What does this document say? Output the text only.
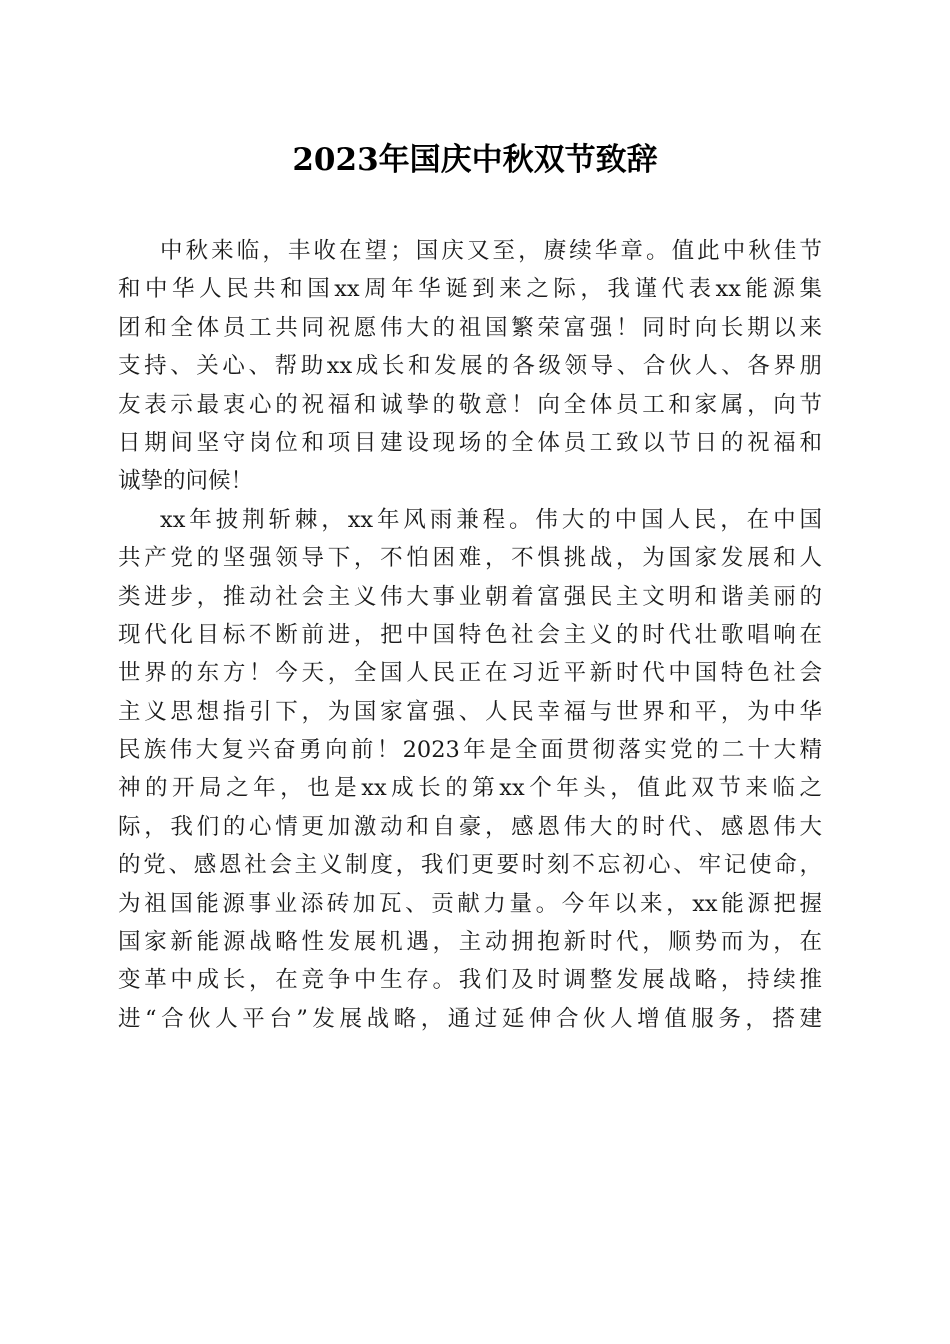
2023年国庆中秋双节致辞
中秋来临，丰收在望；国庆又至，赓续华章。值此中秋佳节
和中华人民共和国xx周年华诞到来之际，我谨代表xx能源集
团和全体员工共同祝愿伟大的祖国繁荣富强！同时向长期以来
支持、关心、帮助xx成长和发展的各级领导、合伙人、各界朋
友表示最衷心的祝福和诚挚的敬意！向全体员工和家属，向节
日期间坚守岗位和项目建设现场的全体员工致以节日的祝福和
诚挚的问候！
xx年披荆斩棘，xx年风雨兼程。伟大的中国人民，在中国
共产党的坚强领导下，不怕困难，不惧挑战，为国家发展和人
类进步，推动社会主义伟大事业朝着富强民主文明和谐美丽的
现代化目标不断前进，把中国特色社会主义的时代壮歌唱响在
世界的东方！今天，全国人民正在习近平新时代中国特色社会
主义思想指引下，为国家富强、人民幸福与世界和平，为中华
民族伟大复兴奋勇向前！2023年是全面贯彻落实党的二十大精
神的开局之年，也是xx成长的第xx个年头，值此双节来临之
际，我们的心情更加激动和自豪，感恩伟大的时代、感恩伟大
的党、感恩社会主义制度，我们更要时刻不忘初心、牢记使命，
为祖国能源事业添砖加瓦、贡献力量。今年以来，xx能源把握
国家新能源战略性发展机遇，主动拥抱新时代，顺势而为，在
变革中成长，在竞争中生存。我们及时调整发展战略，持续推
进“合伙人平台”发展战略，通过延伸合伙人增值服务，搭建
